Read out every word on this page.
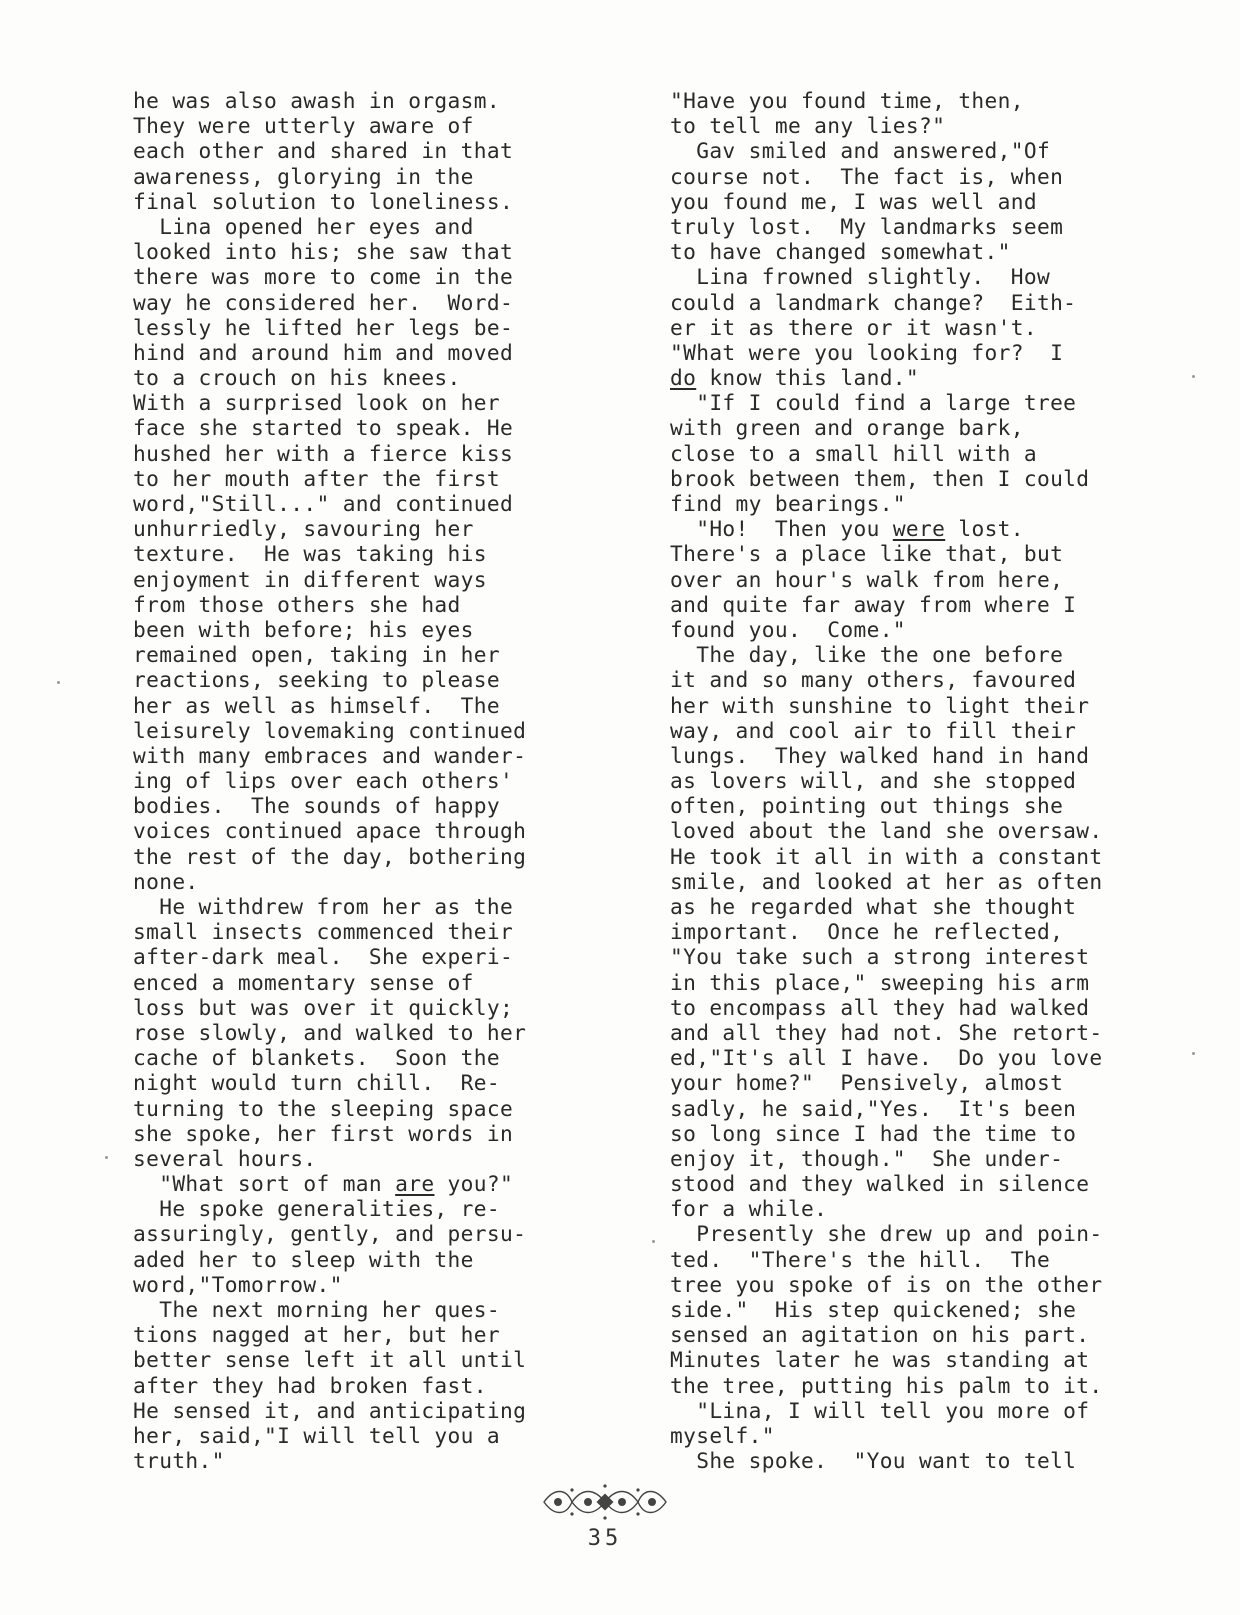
he was also awash in orgasm.
They were utterly aware of
each other and shared in that
awareness, glorying in the
final solution to loneliness.
Lina opened her eyes and
looked into his; she saw that
there was more to come in the
way he considered her.  Word-
lessly he lifted her legs be-
hind and around him and moved
to a crouch on his knees.
With a surprised look on her
face she started to speak. He
hushed her with a fierce kiss
to her mouth after the first
word,"Still..." and continued
unhurriedly, savouring her
texture.  He was taking his
enjoyment in different ways
from those others she had
been with before; his eyes
remained open, taking in her
reactions, seeking to please
her as well as himself.  The
leisurely lovemaking continued
with many embraces and wander-
ing of lips over each others'
bodies.  The sounds of happy
voices continued apace through
the rest of the day, bothering
none.
He withdrew from her as the
small insects commenced their
after-dark meal.  She experi-
enced a momentary sense of
loss but was over it quickly;
rose slowly, and walked to her
cache of blankets.  Soon the
night would turn chill.  Re-
turning to the sleeping space
she spoke, her first words in
several hours.
"What sort of man are you?"
He spoke generalities, re-
assuringly, gently, and persu-
aded her to sleep with the
word,"Tomorrow."
The next morning her ques-
tions nagged at her, but her
better sense left it all until
after they had broken fast.
He sensed it, and anticipating
her, said,"I will tell you a
truth."
"Have you found time, then,
to tell me any lies?"
Gav smiled and answered,"Of
course not.  The fact is, when
you found me, I was well and
truly lost.  My landmarks seem
to have changed somewhat."
Lina frowned slightly.  How
could a landmark change?  Eith-
er it as there or it wasn't.
"What were you looking for?  I
do know this land."
"If I could find a large tree
with green and orange bark,
close to a small hill with a
brook between them, then I could
find my bearings."
"Ho!  Then you were lost.
There's a place like that, but
over an hour's walk from here,
and quite far away from where I
found you.  Come."
The day, like the one before
it and so many others, favoured
her with sunshine to light their
way, and cool air to fill their
lungs.  They walked hand in hand
as lovers will, and she stopped
often, pointing out things she
loved about the land she oversaw.
He took it all in with a constant
smile, and looked at her as often
as he regarded what she thought
important.  Once he reflected,
"You take such a strong interest
in this place," sweeping his arm
to encompass all they had walked
and all they had not. She retort-
ed,"It's all I have.  Do you love
your home?"  Pensively, almost
sadly, he said,"Yes.  It's been
so long since I had the time to
enjoy it, though."  She under-
stood and they walked in silence
for a while.
Presently she drew up and poin-
ted.  "There's the hill.  The
tree you spoke of is on the other
side."  His step quickened; she
sensed an agitation on his part.
Minutes later he was standing at
the tree, putting his palm to it.
"Lina, I will tell you more of
myself."
She spoke.  "You want to tell
35
